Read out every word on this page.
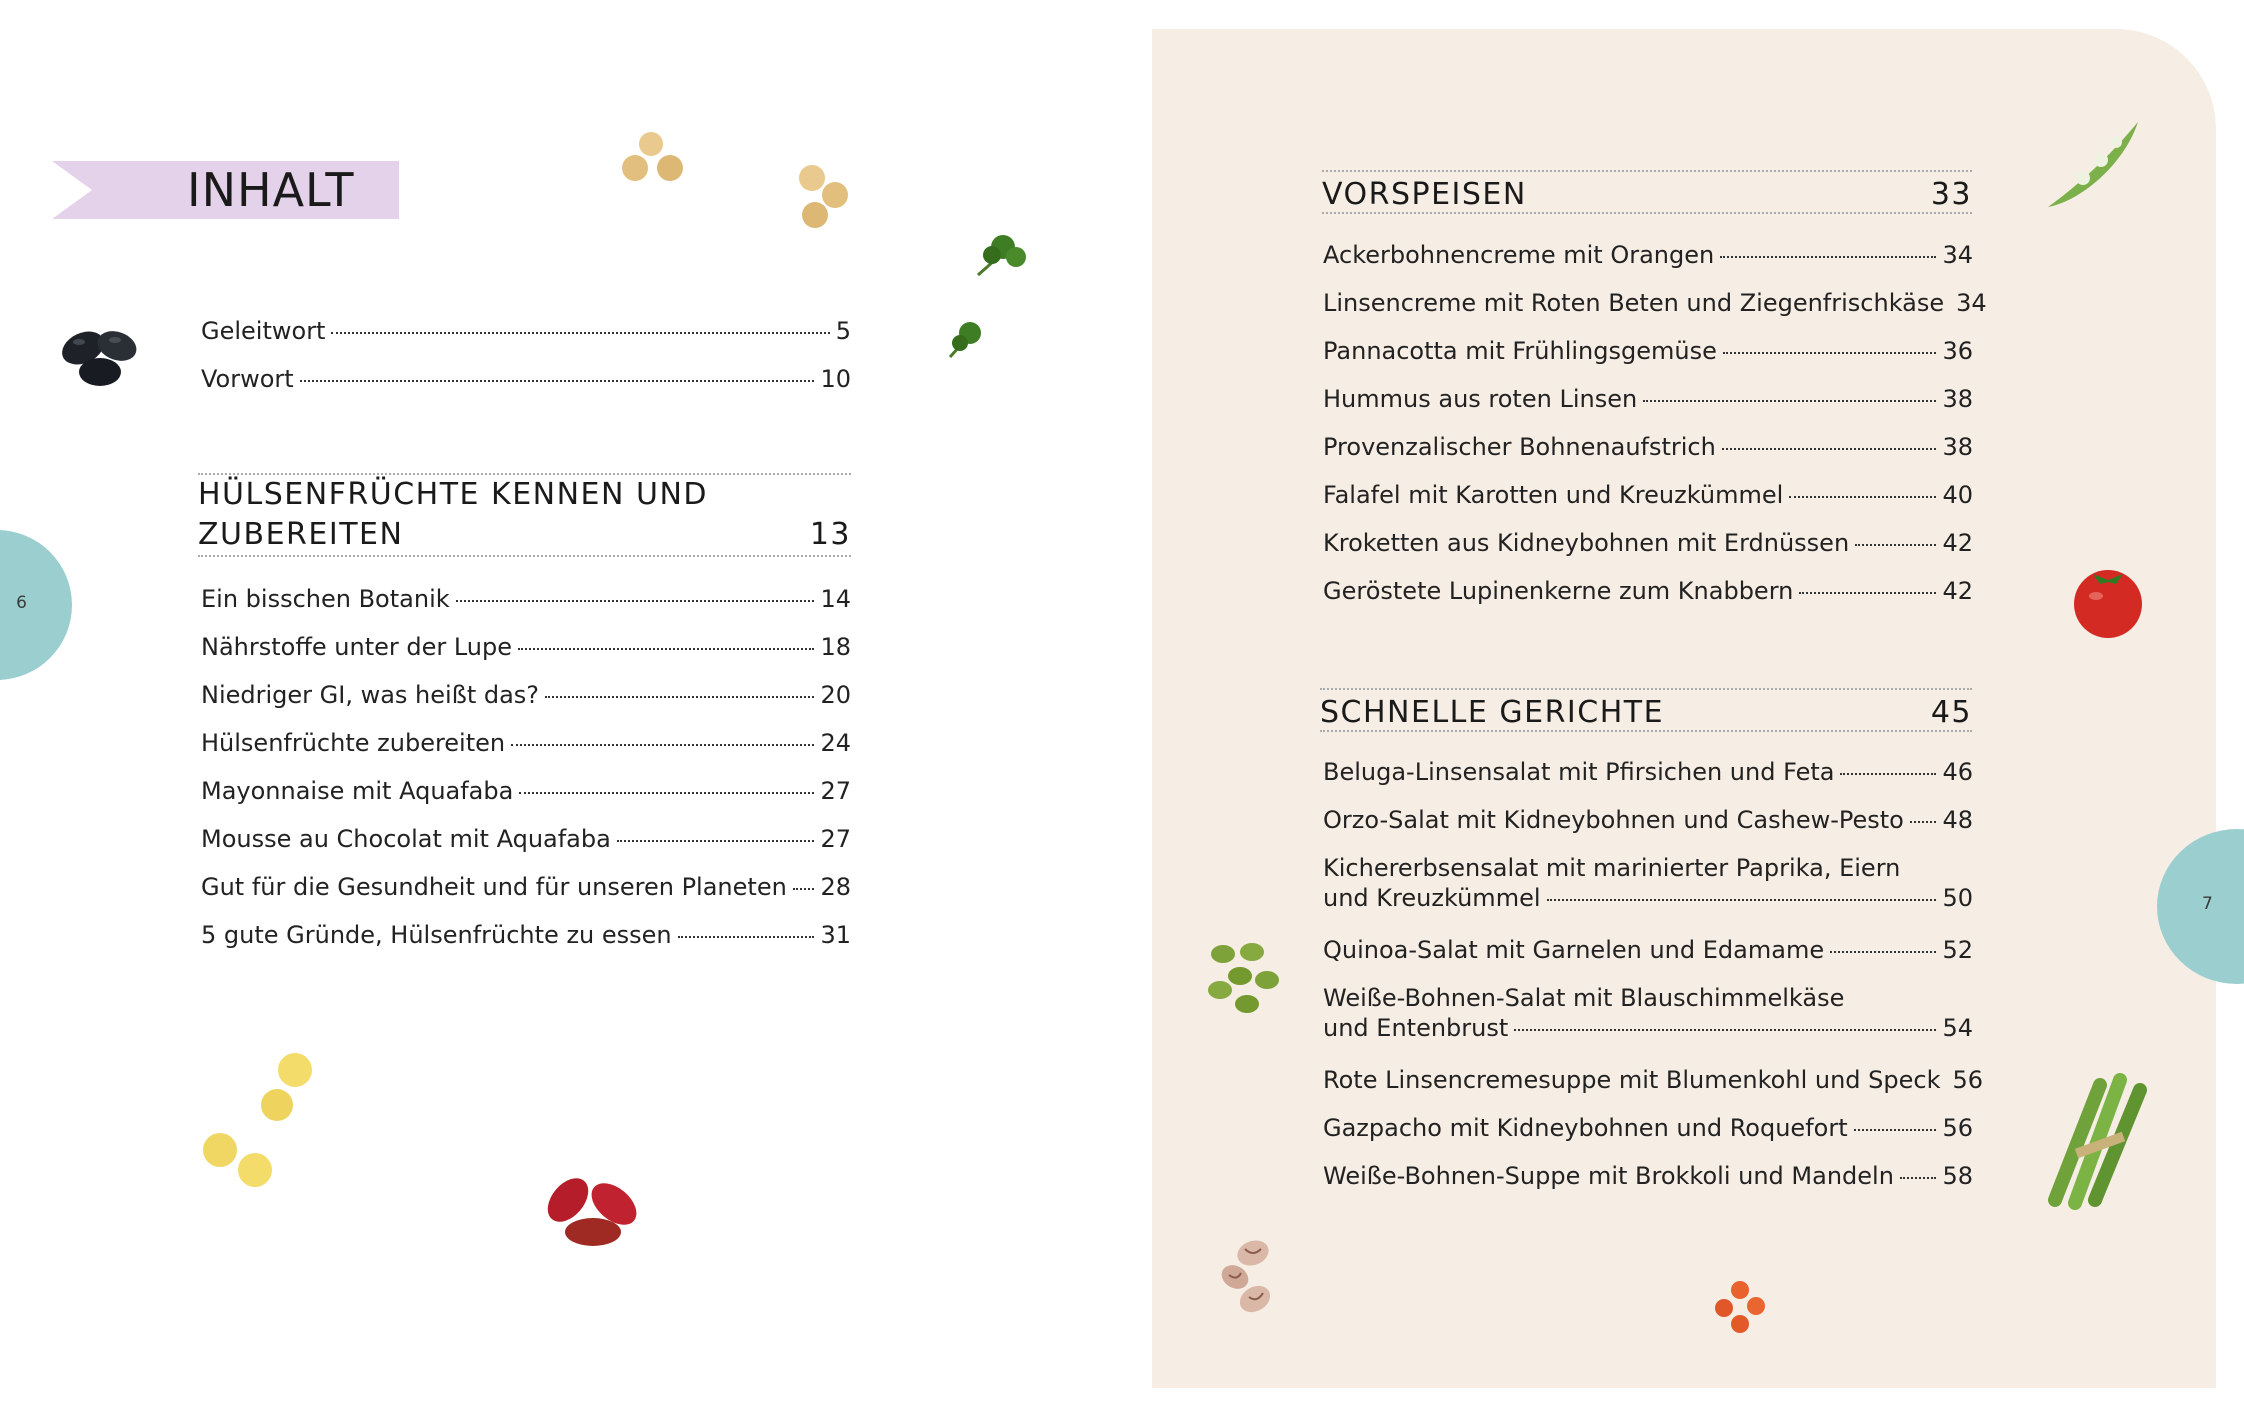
6
7
INHALT
Geleitwort	5
Vorwort	10
HÜLSENFRÜCHTE KENNEN UND
ZUBEREITEN	13
Ein bisschen Botanik	14
Nährstoffe unter der Lupe	18
Niedriger GI, was heißt das?	20
Hülsenfrüchte zubereiten	24
Mayonnaise mit Aquafaba	27
Mousse au Chocolat mit Aquafaba	27
Gut für die Gesundheit und für unseren Planeten 28
5 gute Gründe, Hülsenfrüchte zu essen	31
VORSPEISEN	33
Ackerbohnencreme mit Orangen	34
Linsencreme mit Roten Beten und Ziegenfrischkäse 34
Pannacotta mit Frühlingsgemüse	36
Hummus aus roten Linsen	38
Provenzalischer Bohnenaufstrich	38
Falafel mit Karotten und Kreuzkümmel	40
Kroketten aus Kidneybohnen mit Erdnüssen	42
Geröstete Lupinenkerne zum Knabbern	42
SCHNELLE GERICHTE	45
Beluga-Linsensalat mit Pfirsichen und Feta	46
Orzo-Salat mit Kidneybohnen und Cashew-Pesto 48
Kichererbsensalat mit marinierter Paprika, Eiern
und Kreuzkümmel	50
Quinoa-Salat mit Garnelen und Edamame	52
Weiße-Bohnen-Salat mit Blauschimmelkäse
und Entenbrust	54
Rote Linsencremesuppe mit Blumenkohl und Speck 56
Gazpacho mit Kidneybohnen und Roquefort	56
Weiße-Bohnen-Suppe mit Brokkoli und Mandeln 58
